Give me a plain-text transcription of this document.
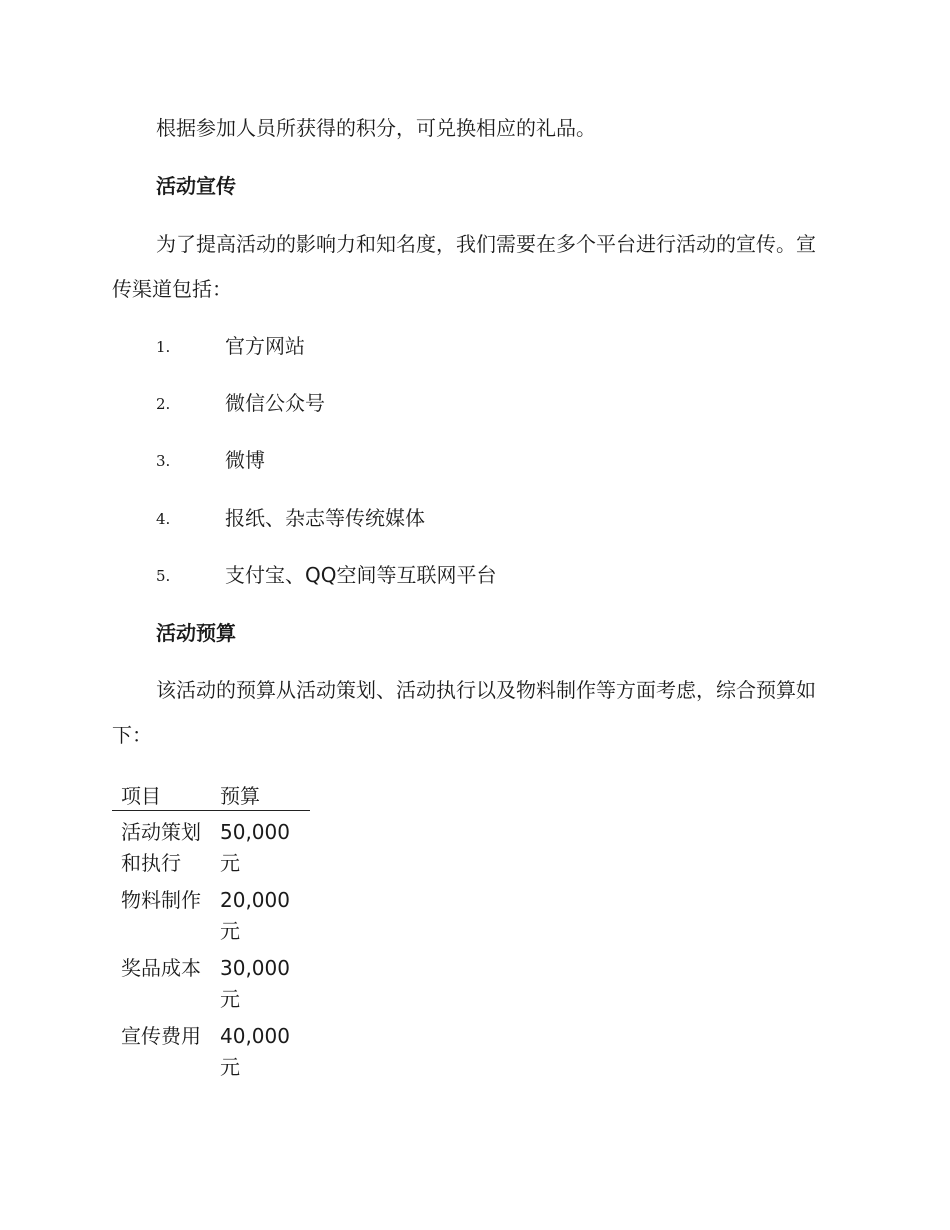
根据参加人员所获得的积分，可兑换相应的礼品。

活动宣传

为了提高活动的影响力和知名度，我们需要在多个平台进行活动的宣传。宣传渠道包括：

1.	官方网站
2.	微信公众号
3.	微博
4.	报纸、杂志等传统媒体
5.	支付宝、QQ空间等互联网平台
活动预算

该活动的预算从活动策划、活动执行以及物料制作等方面考虑，综合预算如下：

项目	预算
活动策划和执行	50,000元
物料制作	20,000元
奖品成本	30,000元
宣传费用	40,000元
